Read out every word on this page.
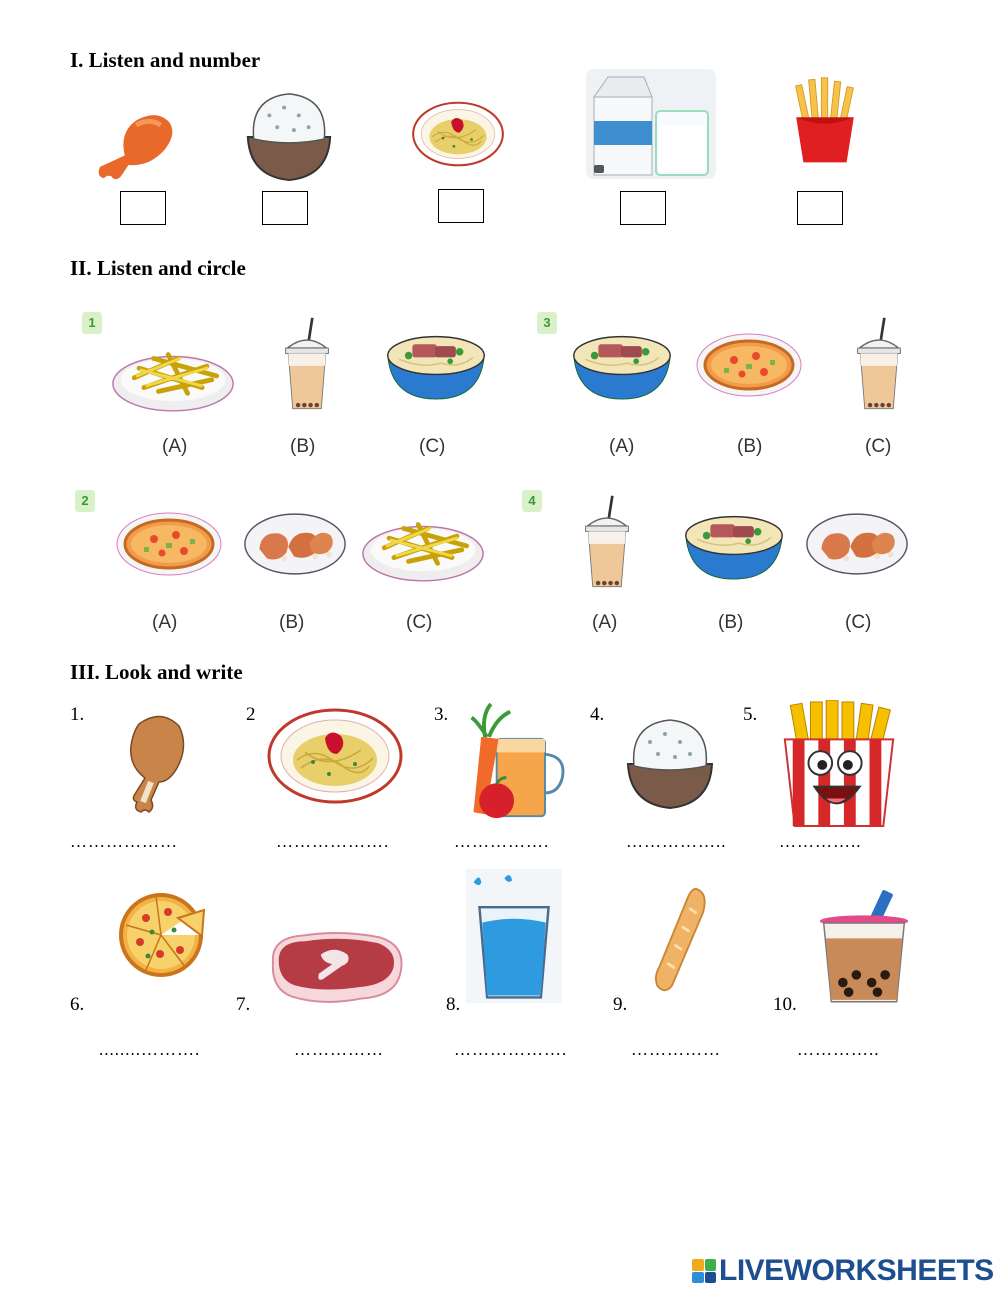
I. Listen and number
II. Listen and circle
1
(A)	(B)	(C)
3
(A)	(B)	(C)
2
(A)	(B)	(C)
4
(A)	(B)	(C)
III. Look and write
1.
………………
2
……………….
3.
…………….
4.
……………..
5.
…………..
6.
........……….
7.
……………
8.
……………….
9.
……………
10.
…………..
LIVEWORKSHEETS
